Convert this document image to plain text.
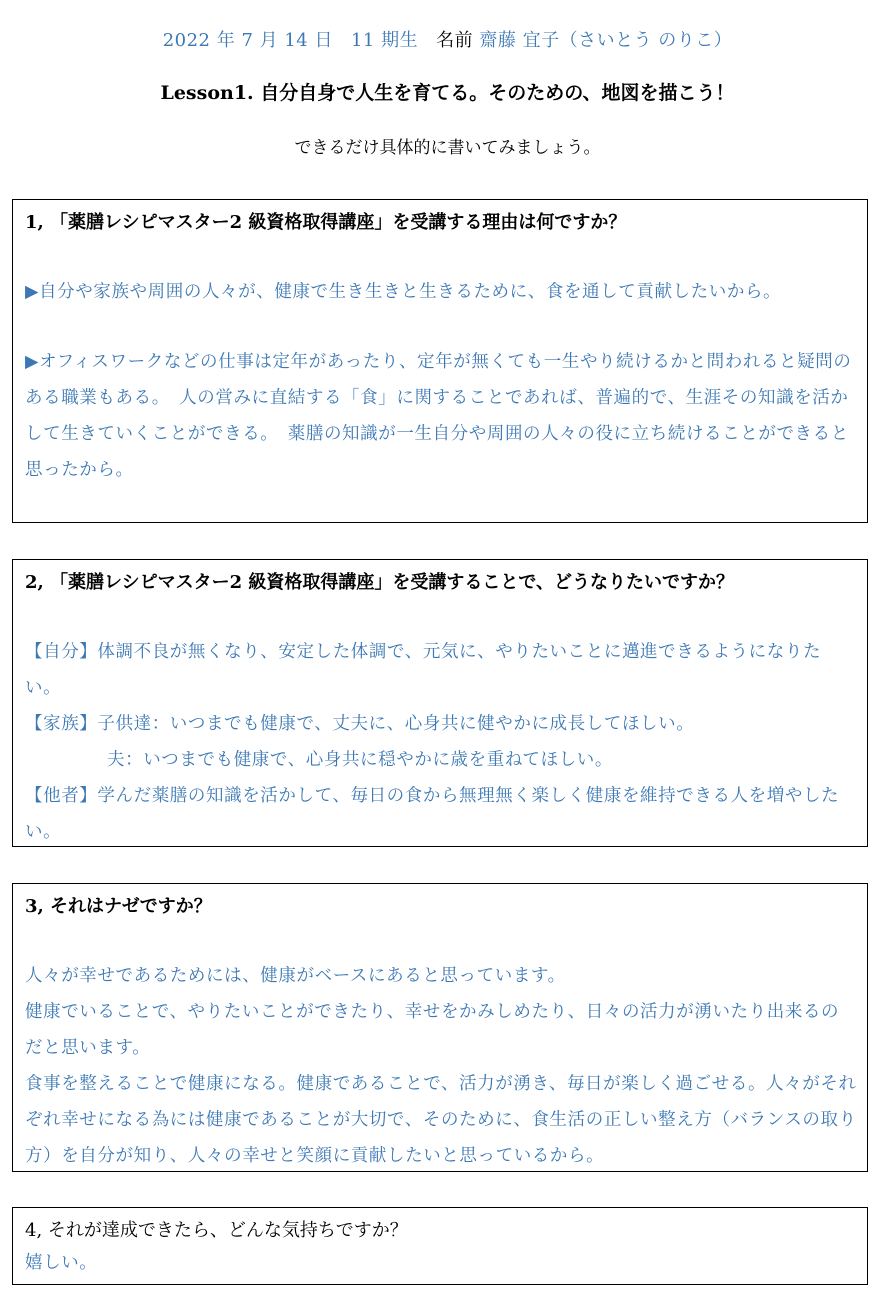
2022 年 7 月 14 日 11 期生 名前 齋藤 宜子（さいとう のりこ）
Lesson1. 自分自身で人生を育てる。そのための、地図を描こう！
できるだけ具体的に書いてみましょう。
1, 「薬膳レシピマスター2 級資格取得講座」を受講する理由は何ですか？
▶自分や家族や周囲の人々が、健康で生き生きと生きるために、食を通して貢献したいから。
▶オフィスワークなどの仕事は定年があったり、定年が無くても一生やり続けるかと問われると疑問のある職業もある。　人の営みに直結する「食」に関することであれば、普遍的で、生涯その知識を活かして生きていくことができる。　薬膳の知識が一生自分や周囲の人々の役に立ち続けることができると思ったから。
2, 「薬膳レシピマスター2 級資格取得講座」を受講することで、どうなりたいですか？
【自分】体調不良が無くなり、安定した体調で、元気に、やりたいことに邁進できるようになりたい。
【家族】子供達：いつまでも健康で、丈夫に、心身共に健やかに成長してほしい。
夫：いつまでも健康で、心身共に穏やかに歳を重ねてほしい。
【他者】学んだ薬膳の知識を活かして、毎日の食から無理無く楽しく健康を維持できる人を増やしたい。
3, それはナゼですか？
人々が幸せであるためには、健康がベースにあると思っています。
健康でいることで、やりたいことができたり、幸せをかみしめたり、日々の活力が湧いたり出来るのだと思います。
食事を整えることで健康になる。健康であることで、活力が湧き、毎日が楽しく過ごせる。人々がそれぞれ幸せになる為には健康であることが大切で、そのために、食生活の正しい整え方（バランスの取り方）を自分が知り、人々の幸せと笑顔に貢献したいと思っているから。
4, それが達成できたら、どんな気持ちですか？
嬉しい。
